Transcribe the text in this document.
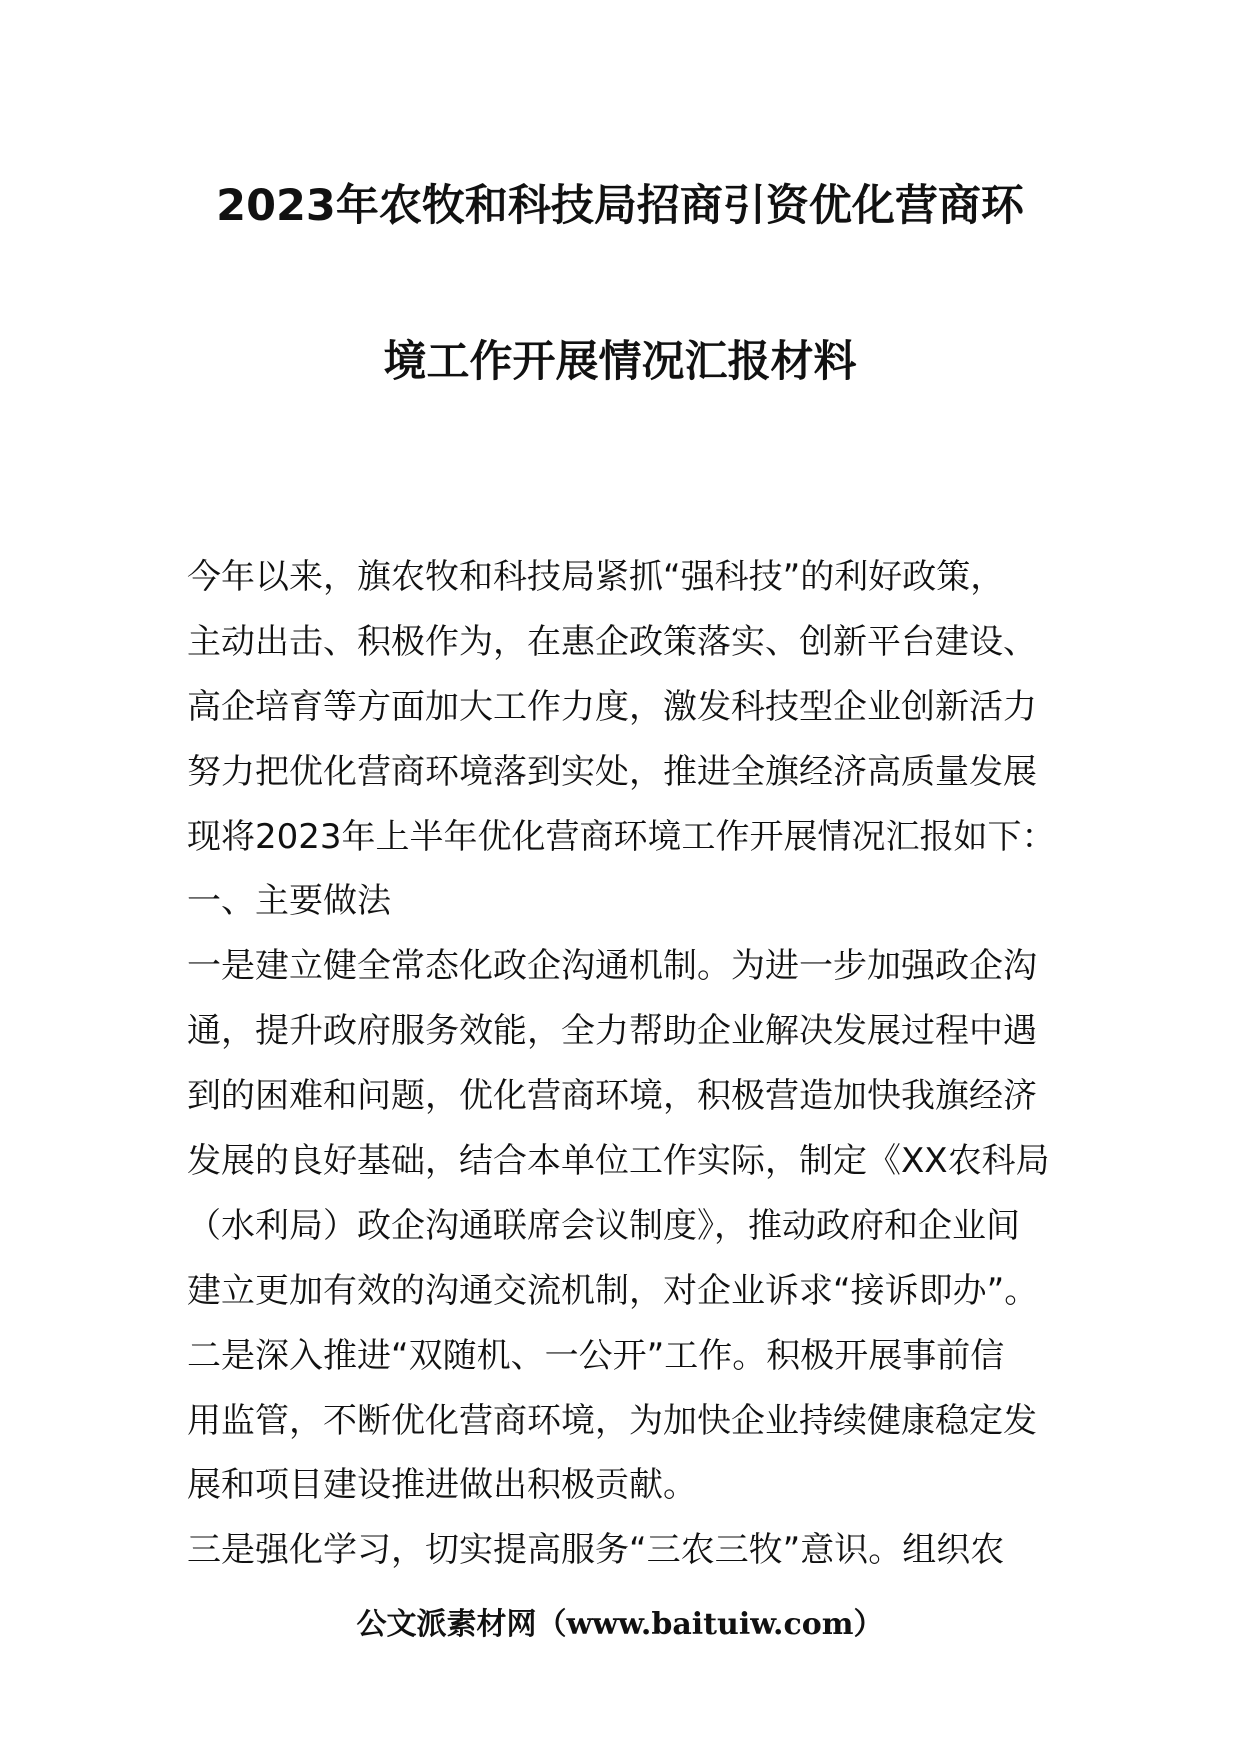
2023年农牧和科技局招商引资优化营商环
境工作开展情况汇报材料
今年以来，旗农牧和科技局紧抓“强科技”的利好政策，
主动出击、积极作为，在惠企政策落实、创新平台建设、
高企培育等方面加大工作力度，激发科技型企业创新活力
努力把优化营商环境落到实处，推进全旗经济高质量发展
现将2023年上半年优化营商环境工作开展情况汇报如下：
一、主要做法
一是建立健全常态化政企沟通机制。为进一步加强政企沟
通，提升政府服务效能，全力帮助企业解决发展过程中遇
到的困难和问题，优化营商环境，积极营造加快我旗经济
发展的良好基础，结合本单位工作实际，制定《XX农科局
（水利局）政企沟通联席会议制度》，推动政府和企业间
建立更加有效的沟通交流机制，对企业诉求“接诉即办”。
二是深入推进“双随机、一公开”工作。积极开展事前信
用监管，不断优化营商环境，为加快企业持续健康稳定发
展和项目建设推进做出积极贡献。
三是强化学习，切实提高服务“三农三牧”意识。组织农
公文派素材网（www.baituiw.com）
